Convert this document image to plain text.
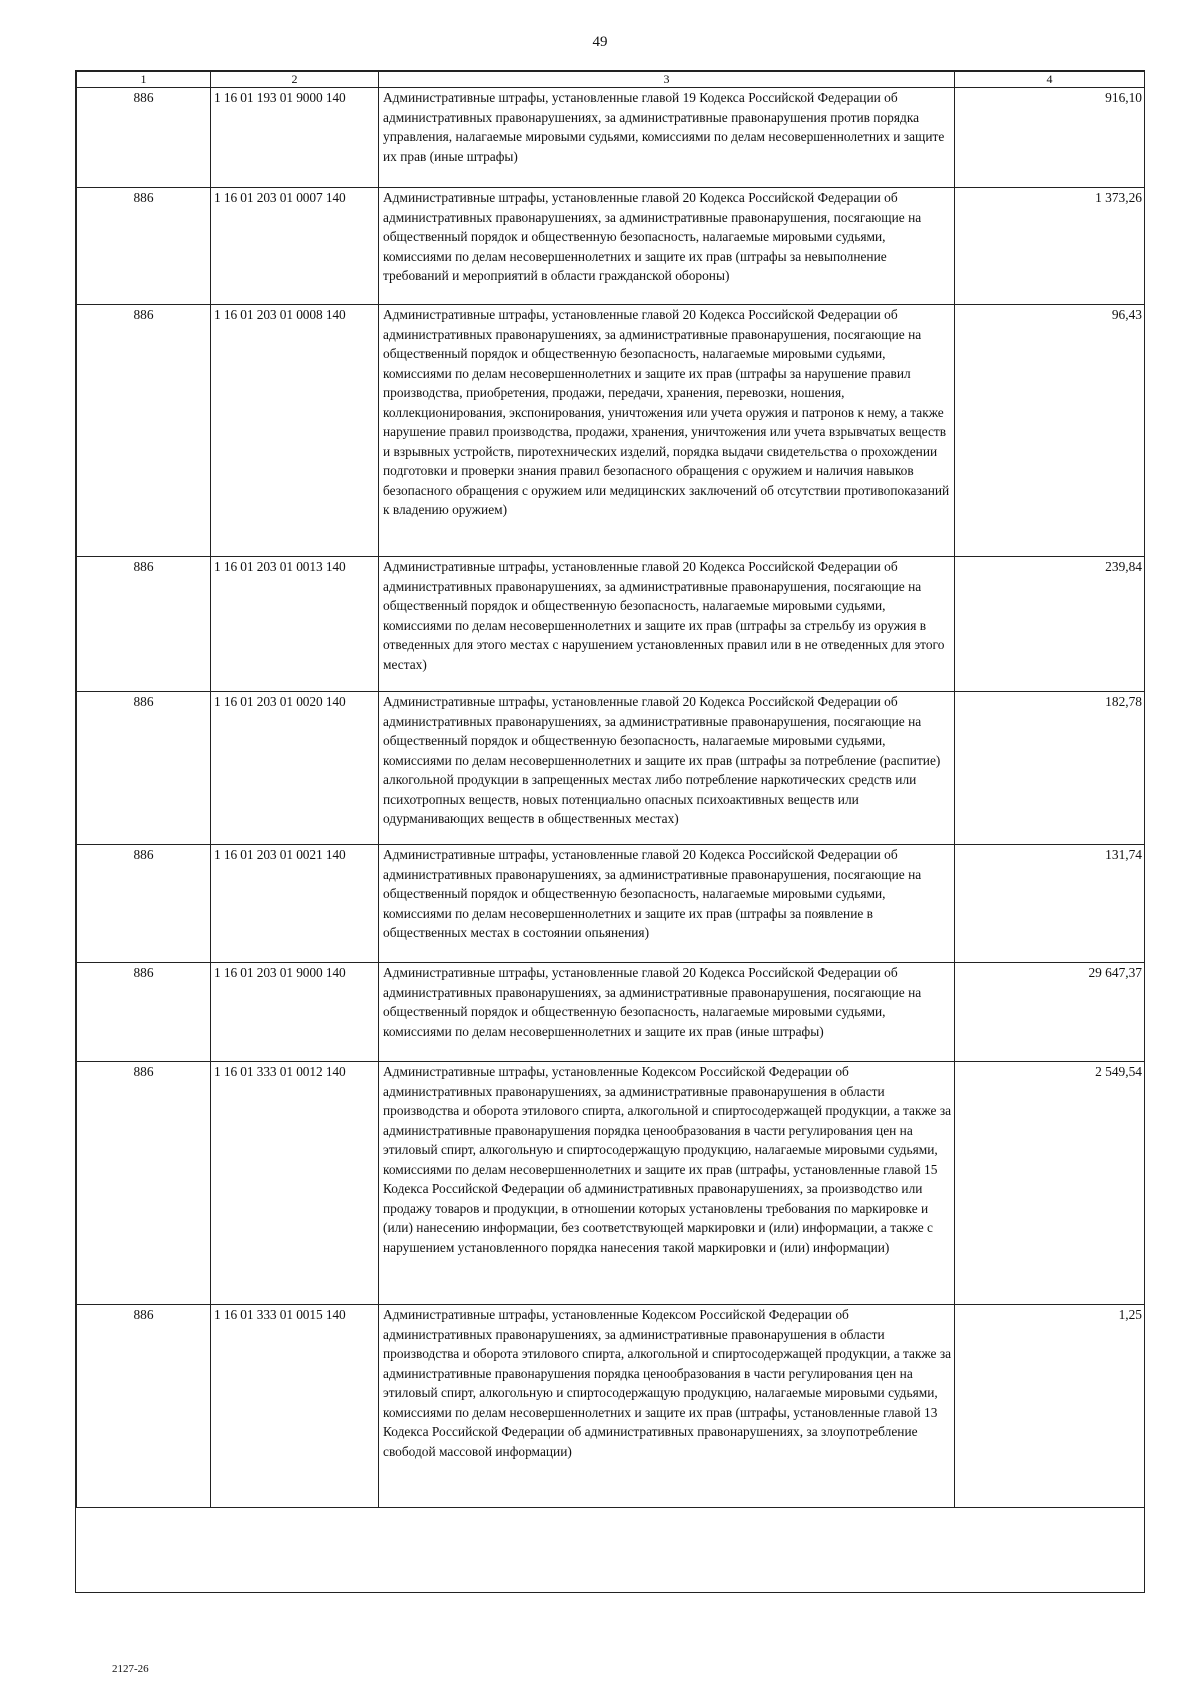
49
1	2	3	4
886	1 16 01 193 01 9000 140	Административные штрафы, установленные главой 19 Кодекса Российской Федерации об административных правонарушениях, за административные правонарушения против порядка управления, налагаемые мировыми судьями, комиссиями по делам несовершеннолетних и защите их прав (иные штрафы)	916,10
886	1 16 01 203 01 0007 140	Административные штрафы, установленные главой 20 Кодекса Российской Федерации об административных правонарушениях, за административные правонарушения, посягающие на общественный порядок и общественную безопасность, налагаемые мировыми судьями, комиссиями по делам несовершеннолетних и защите их прав (штрафы за невыполнение требований и мероприятий в области гражданской обороны)	1 373,26
886	1 16 01 203 01 0008 140	Административные штрафы, установленные главой 20 Кодекса Российской Федерации об административных правонарушениях, за административные правонарушения, посягающие на общественный порядок и общественную безопасность, налагаемые мировыми судьями, комиссиями по делам несовершеннолетних и защите их прав (штрафы за нарушение правил производства, приобретения, продажи, передачи, хранения, перевозки, ношения, коллекционирования, экспонирования, уничтожения или учета оружия и патронов к нему, а также нарушение правил производства, продажи, хранения, уничтожения или учета взрывчатых веществ и взрывных устройств, пиротехнических изделий, порядка выдачи свидетельства о прохождении подготовки и проверки знания правил безопасного обращения с оружием и наличия навыков безопасного обращения с оружием или медицинских заключений об отсутствии противопоказаний к владению оружием)	96,43
886	1 16 01 203 01 0013 140	Административные штрафы, установленные главой 20 Кодекса Российской Федерации об административных правонарушениях, за административные правонарушения, посягающие на общественный порядок и общественную безопасность, налагаемые мировыми судьями, комиссиями по делам несовершеннолетних и защите их прав (штрафы за стрельбу из оружия в отведенных для этого местах с нарушением установленных правил или в не отведенных для этого местах)	239,84
886	1 16 01 203 01 0020 140	Административные штрафы, установленные главой 20 Кодекса Российской Федерации об административных правонарушениях, за административные правонарушения, посягающие на общественный порядок и общественную безопасность, налагаемые мировыми судьями, комиссиями по делам несовершеннолетних и защите их прав (штрафы за потребление (распитие) алкогольной продукции в запрещенных местах либо потребление наркотических средств или психотропных веществ, новых потенциально опасных психоактивных веществ или одурманивающих веществ в общественных местах)	182,78
886	1 16 01 203 01 0021 140	Административные штрафы, установленные главой 20 Кодекса Российской Федерации об административных правонарушениях, за административные правонарушения, посягающие на общественный порядок и общественную безопасность, налагаемые мировыми судьями, комиссиями по делам несовершеннолетних и защите их прав (штрафы за появление в общественных местах в состоянии опьянения)	131,74
886	1 16 01 203 01 9000 140	Административные штрафы, установленные главой 20 Кодекса Российской Федерации об административных правонарушениях, за административные правонарушения, посягающие на общественный порядок и общественную безопасность, налагаемые мировыми судьями, комиссиями по делам несовершеннолетних и защите их прав (иные штрафы)	29 647,37
886	1 16 01 333 01 0012 140	Административные штрафы, установленные Кодексом Российской Федерации об административных правонарушениях, за административные правонарушения в области производства и оборота этилового спирта, алкогольной и спиртосодержащей продукции, а также за административные правонарушения порядка ценообразования в части регулирования цен на этиловый спирт, алкогольную и спиртосодержащую продукцию, налагаемые мировыми судьями, комиссиями по делам несовершеннолетних и защите их прав (штрафы, установленные главой 15 Кодекса Российской Федерации об административных правонарушениях, за производство или продажу товаров и продукции, в отношении которых установлены требования по маркировке и (или) нанесению информации, без соответствующей маркировки и (или) информации, а также с нарушением установленного порядка нанесения такой маркировки и (или) информации)	2 549,54
886	1 16 01 333 01 0015 140	Административные штрафы, установленные Кодексом Российской Федерации об административных правонарушениях, за административные правонарушения в области производства и оборота этилового спирта, алкогольной и спиртосодержащей продукции, а также за административные правонарушения порядка ценообразования в части регулирования цен на этиловый спирт, алкогольную и спиртосодержащую продукцию, налагаемые мировыми судьями, комиссиями по делам несовершеннолетних и защите их прав (штрафы, установленные главой 13 Кодекса Российской Федерации об административных правонарушениях, за злоупотребление свободой массовой информации)	1,25
2127-26
